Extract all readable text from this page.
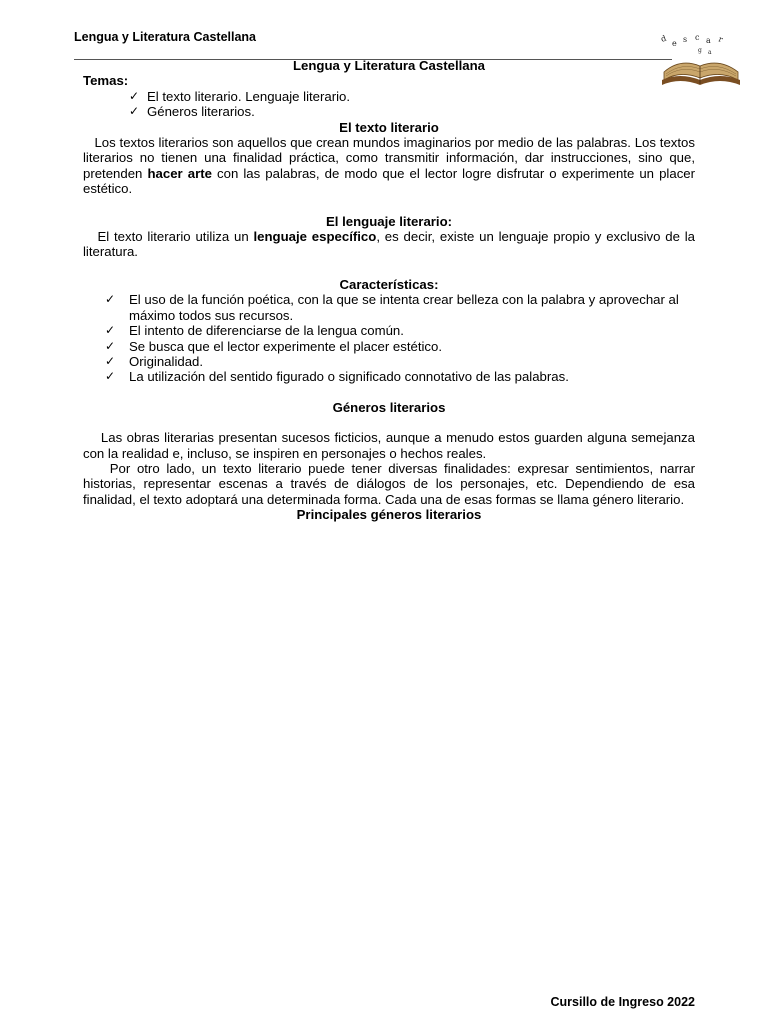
Lengua y Literatura Castellana	d e s c a r
g a

Lengua y Literatura Castellana

Temas:

✓ El texto literario. Lenguaje literario.
✓ Géneros literarios.

El texto literario

Los textos literarios son aquellos que crean mundos imaginarios por medio de las palabras. Los textos literarios no tienen una finalidad práctica, como transmitir información, dar instrucciones, sino que, pretenden hacer arte con las palabras, de modo que el lector logre disfrutar o experimente un placer estético.

El lenguaje literario:

El texto literario utiliza un lenguaje específico, es decir, existe un lenguaje propio y exclusivo de la literatura.

Características:

✓ El uso de la función poética, con la que se intenta crear belleza con la palabra y aprovechar al máximo todos sus recursos.
✓ El intento de diferenciarse de la lengua común.
✓ Se busca que el lector experimente el placer estético.
✓ Originalidad.
✓ La utilización del sentido figurado o significado connotativo de las palabras.

Géneros literarios

Las obras literarias presentan sucesos ficticios, aunque a menudo estos guarden alguna semejanza con la realidad e, incluso, se inspiren en personajes o hechos reales.

Por otro lado, un texto literario puede tener diversas finalidades: expresar sentimientos, narrar historias, representar escenas a través de diálogos de los personajes, etc. Dependiendo de esa finalidad, el texto adoptará una determinada forma. Cada una de esas formas se llama género literario.

Principales géneros literarios

Cursillo de Ingreso 2022
